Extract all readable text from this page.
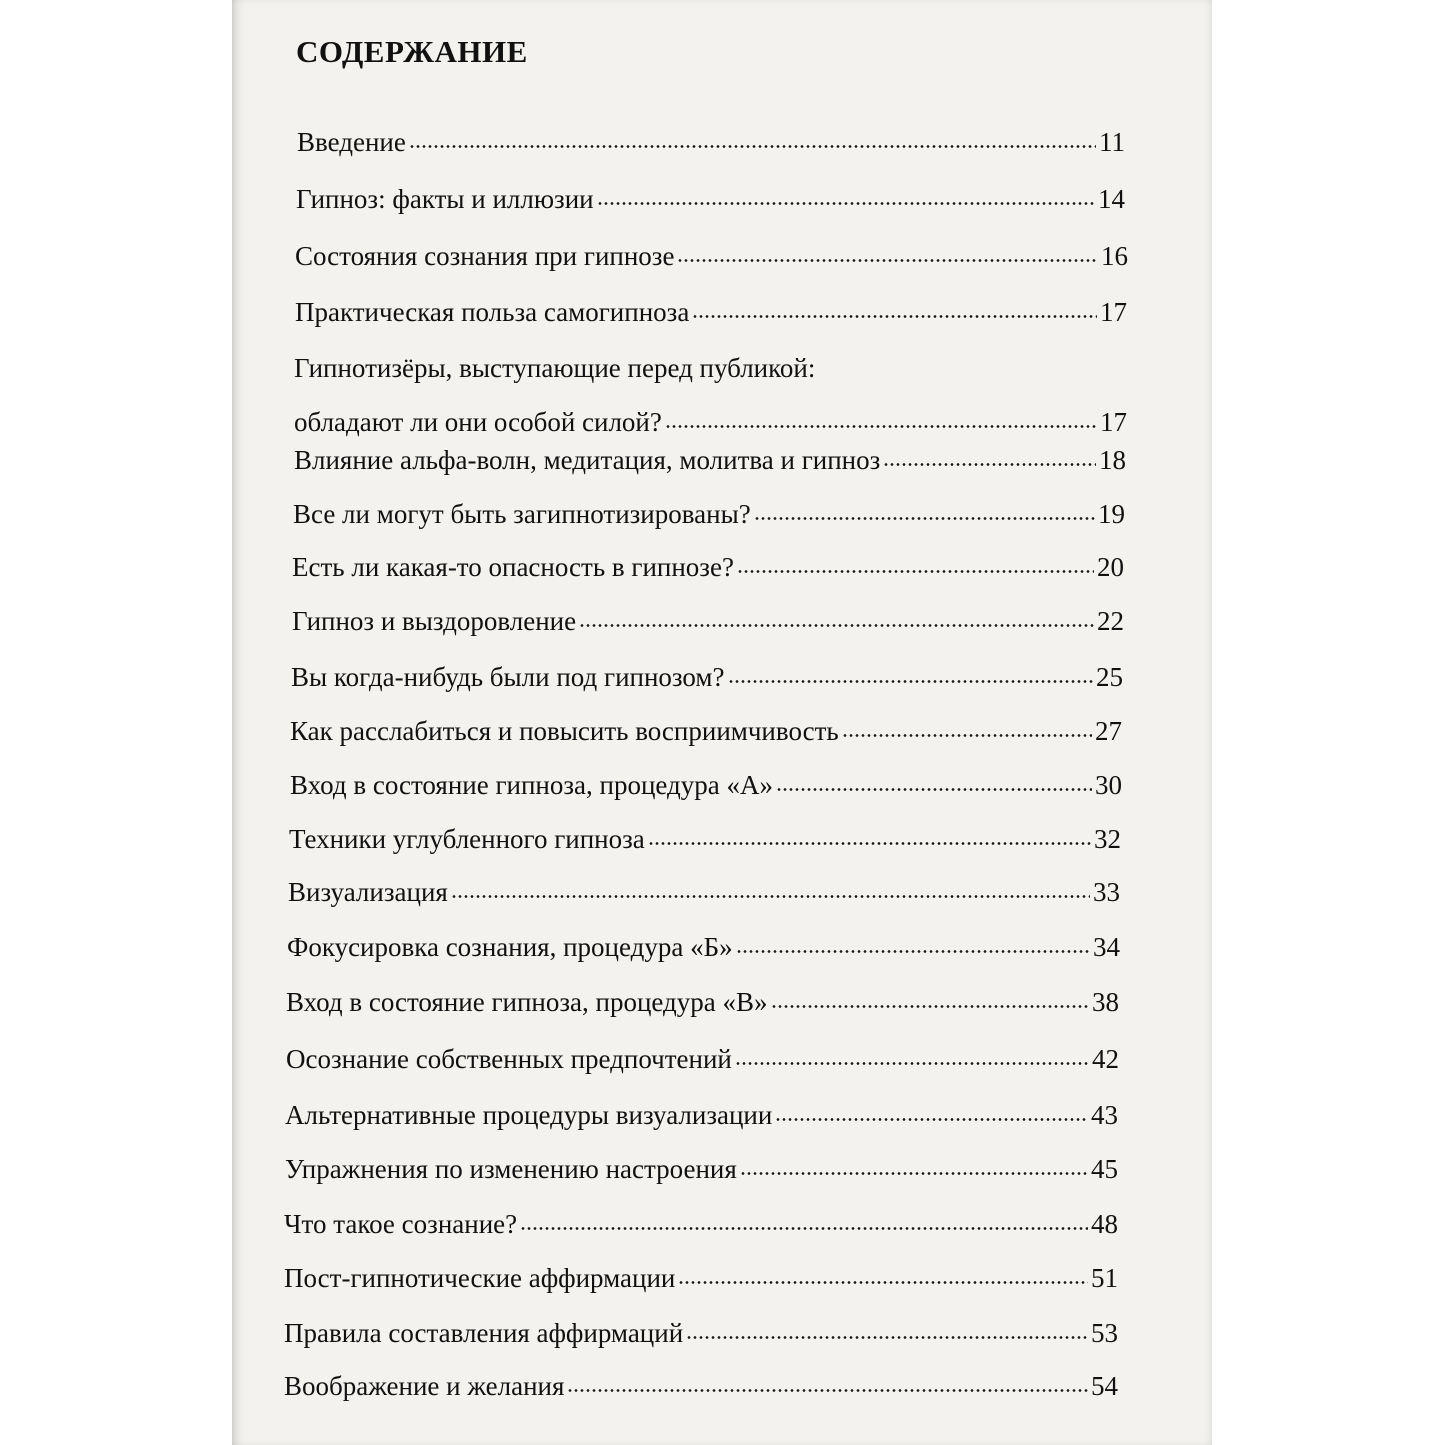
СОДЕРЖАНИЕ
Введение	11
Гипноз: факты и иллюзии	14
Состояния сознания при гипнозе	16
Практическая польза самогипноза	17
Гипнотизёры, выступающие перед публикой:
обладают ли они особой силой?	17
Влияние альфа-волн, медитация, молитва и гипноз	18
Все ли могут быть загипнотизированы?	19
Есть ли какая-то опасность в гипнозе?	20
Гипноз и выздоровление	22
Вы когда-нибудь были под гипнозом?	25
Как расслабиться и повысить восприимчивость	27
Вход в состояние гипноза, процедура «А»	30
Техники углубленного гипноза	32
Визуализация	33
Фокусировка сознания, процедура «Б»	34
Вход в состояние гипноза, процедура «В»	38
Осознание собственных предпочтений	42
Альтернативные процедуры визуализации	43
Упражнения по изменению настроения	45
Что такое сознание?	48
Пост-гипнотические аффирмации	51
Правила составления аффирмаций	53
Воображение и желания	54
